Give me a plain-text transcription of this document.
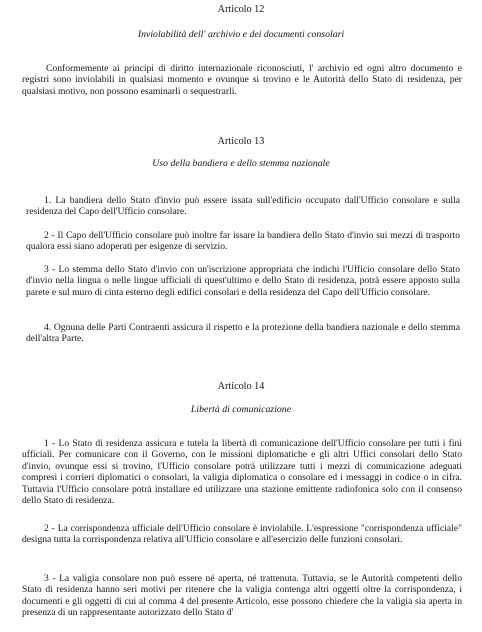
Articolo 12
Inviolabilità dell' archivio e dei documenti consolari

Conformemente ai principi di diritto internazionale riconosciuti, l' archivio ed ogni altro documento e registri sono inviolabili in qualsiasi momento e ovunque si trovino e le Autorità dello Stato di residenza, per qualsiasi motivo, non possono esaminarli o sequestrarli.

Articolo 13
Uso della bandiera e dello stemma nazionale

1. La bandiera dello Stato d'invio può essere issata sull'edificio occupato dall'Ufficio consolare e sulla residenza del Capo dell'Ufficio consolare.

2 - Il Capo dell'Ufficio consolare può inoltre far issare la bandiera dello Stato d'invio sui mezzi di trasporto qualora essi siano adoperati per esigenze di servizio.

3 - Lo stemma dello Stato d'invio con un'iscrizione appropriata che indichi l'Ufficio consolare dello Stato d'invio nella lingua o nelle lingue ufficiali di quest'ultimo e dello Stato di residenza, potrà essere apposto sulla parete e sul muro di cinta esterno degli edifici consolari e della residenza del Capo dell'Ufficio consolare.

4. Ognuna delle Parti Contraenti assicura il rispetto e la protezione della bandiera nazionale e dello stemma dell'altra Parte.

Articolo 14
Libertà di comunicazione

1 - Lo Stato di residenza assicura e tutela la libertà di comunicazione dell'Ufficio consolare per tutti i fini ufficiali. Per comunicare con il Governo, con le missioni diplomatiche e gli altri Uffici consolari dello Stato d'invio, ovunque essi si trovino, l'Ufficio consolare potrà utilizzare tutti i mezzi di comunicazione adeguati compresi i corrieri diplomatici o consolari, la valigia diplomatica o consolare ed i messaggi in codice o in cifra. Tuttavia l'Ufficio consolare potrà installare ed utilizzare una stazione emittente radiofonica solo con il consenso dello Stato di residenza.

2 - La corrispondenza ufficiale dell'Ufficio consolare è inviolabile. L'espressione "corrispondenza ufficiale" designa tutta la corrispondenza relativa all'Ufficio consolare e all'esercizio delle funzioni consolari.

3 - La valigia consolare non può essere né aperta, né trattenuta. Tuttavia, se le Autorità competenti dello Stato di residenza hanno seri motivi per ritenere che la valigia contenga altri oggetti oltre la corrispondenza, i documenti e gli oggetti di cui al comma 4 del presente Articolo, esse possono chiedere che la valigia sia aperta in presenza di un rappresentante autorizzato dello Stato d'
